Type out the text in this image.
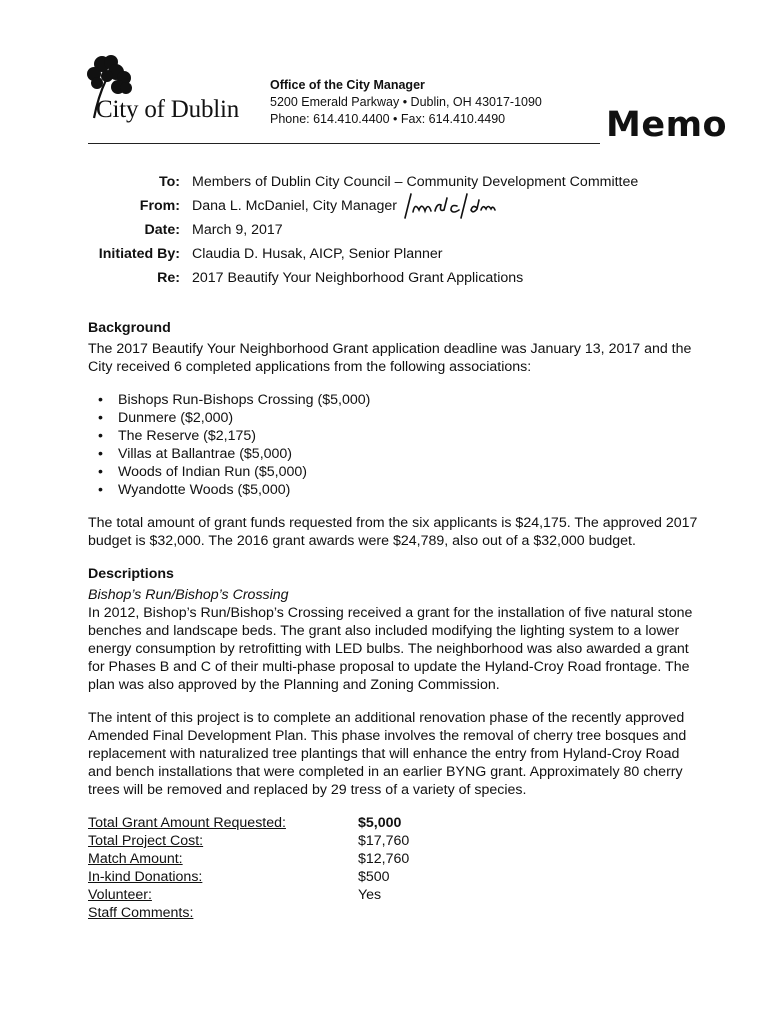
City of Dublin
Office of the City Manager
5200 Emerald Parkway • Dublin, OH 43017-1090
Phone: 614.410.4400 • Fax: 614.410.4490	Memo
To: Members of Dublin City Council – Community Development Committee
From: Dana L. McDaniel, City Manager
Date: March 9, 2017
Initiated By: Claudia D. Husak, AICP, Senior Planner
Re: 2017 Beautify Your Neighborhood Grant Applications
Background

The 2017 Beautify Your Neighborhood Grant application deadline was January 13, 2017 and the City received 6 completed applications from the following associations:

• Bishops Run-Bishops Crossing ($5,000)
• Dunmere ($2,000)
• The Reserve ($2,175)
• Villas at Ballantrae ($5,000)
• Woods of Indian Run ($5,000)
• Wyandotte Woods ($5,000)

The total amount of grant funds requested from the six applicants is $24,175. The approved 2017 budget is $32,000. The 2016 grant awards were $24,789, also out of a $32,000 budget.

Descriptions

Bishop’s Run/Bishop’s Crossing

In 2012, Bishop’s Run/Bishop’s Crossing received a grant for the installation of five natural stone benches and landscape beds. The grant also included modifying the lighting system to a lower energy consumption by retrofitting with LED bulbs. The neighborhood was also awarded a grant for Phases B and C of their multi-phase proposal to update the Hyland-Croy Road frontage. The plan was also approved by the Planning and Zoning Commission.

The intent of this project is to complete an additional renovation phase of the recently approved Amended Final Development Plan. This phase involves the removal of cherry tree bosques and replacement with naturalized tree plantings that will enhance the entry from Hyland-Croy Road and bench installations that were completed in an earlier BYNG grant. Approximately 80 cherry trees will be removed and replaced by 29 tress of a variety of species.

Total Grant Amount Requested:	$5,000
Total Project Cost:	$17,760
Match Amount:	$12,760
In-kind Donations:	$500
Volunteer:	Yes
Staff Comments:
